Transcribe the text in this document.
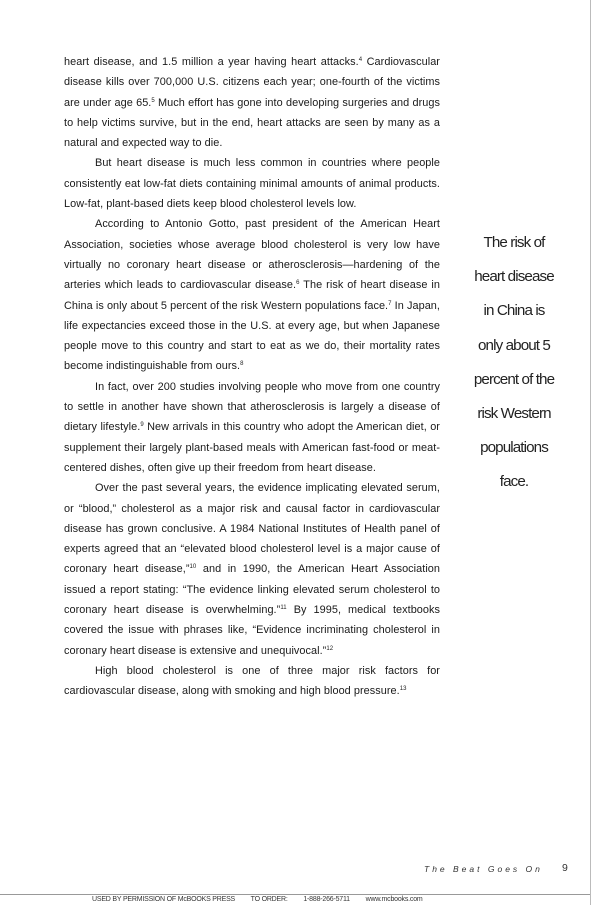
heart disease, and 1.5 million a year having heart attacks.$^4$ Cardiovascular disease kills over 700,000 U.S. citizens each year; one-fourth of the victims are under age 65.$^5$ Much effort has gone into developing surgeries and drugs to help victims survive, but in the end, heart attacks are seen by many as a natural and expected way to die.

But heart disease is much less common in countries where people consistently eat low-fat diets containing minimal amounts of animal products. Low-fat, plant-based diets keep blood cholesterol levels low.

According to Antonio Gotto, past president of the American Heart Association, societies whose average blood cholesterol is very low have virtually no coronary heart disease or atherosclerosis—hardening of the arteries which leads to cardiovascular disease.$^6$ The risk of heart disease in China is only about 5 percent of the risk Western populations face.$^7$ In Japan, life expectancies exceed those in the U.S. at every age, but when Japanese people move to this country and start to eat as we do, their mortality rates become indistinguishable from ours.$^8$

In fact, over 200 studies involving people who move from one country to settle in another have shown that atherosclerosis is largely a disease of dietary lifestyle.$^9$ New arrivals in this country who adopt the American diet, or supplement their largely plant-based meals with American fast-food or meat-centered dishes, often give up their freedom from heart disease.

Over the past several years, the evidence implicating elevated serum, or “blood,” cholesterol as a major risk and causal factor in cardiovascular disease has grown conclusive. A 1984 National Institutes of Health panel of experts agreed that an “elevated blood cholesterol level is a major cause of coronary heart disease,”$^{10}$ and in 1990, the American Heart Association issued a report stating: “The evidence linking elevated serum cholesterol to coronary heart disease is overwhelming.”$^{11}$ By 1995, medical textbooks covered the issue with phrases like, “Evidence incriminating cholesterol in coronary heart disease is extensive and unequivocal.”$^{12}$

High blood cholesterol is one of three major risk factors for cardiovascular disease, along with smoking and high blood pressure.$^{13}$

The risk of
heart disease
in China is
only about 5
percent of the
risk Western
populations
face.
The Beat Goes On	9
USED BY PERMISSION OF McBOOKS PRESS TO ORDER: 1-888-266-5711 www.mcbooks.com
